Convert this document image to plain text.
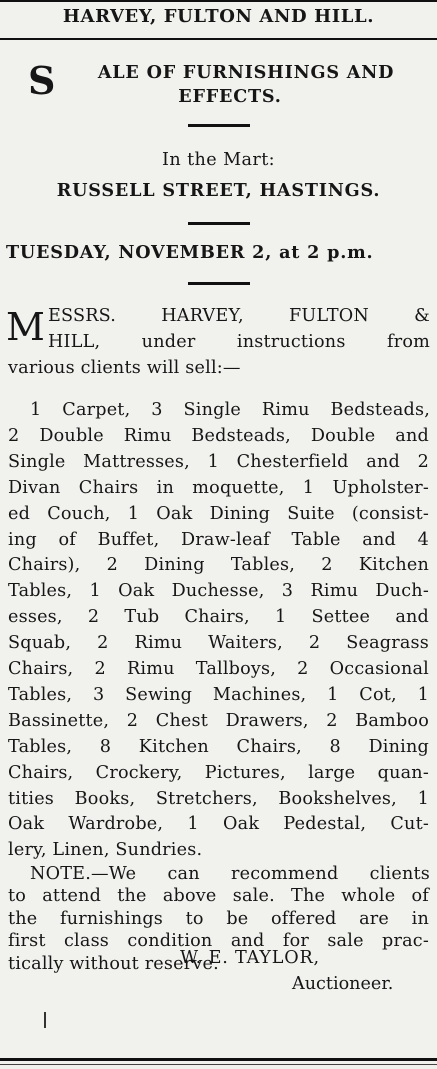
HARVEY, FULTON AND HILL.
S	ALE OF FURNISHINGS AND
EFFECTS.
In the Mart:
RUSSELL STREET, HASTINGS.
TUESDAY, NOVEMBER 2, at 2 p.m.
M ESSRS. HARVEY, FULTON &
HILL, under instructions from
various clients will sell:—
1 Carpet, 3 Single Rimu Bedsteads,
2 Double Rimu Bedsteads, Double and
Single Mattresses, 1 Chesterfield and 2
Divan Chairs in moquette, 1 Upholster-
ed Couch, 1 Oak Dining Suite (consist-
ing of Buffet, Draw-leaf Table and 4
Chairs), 2 Dining Tables, 2 Kitchen
Tables, 1 Oak Duchesse, 3 Rimu Duch-
esses, 2 Tub Chairs, 1 Settee and
Squab, 2 Rimu Waiters, 2 Seagrass
Chairs, 2 Rimu Tallboys, 2 Occasional
Tables, 3 Sewing Machines, 1 Cot, 1
Bassinette, 2 Chest Drawers, 2 Bamboo
Tables, 8 Kitchen Chairs, 8 Dining
Chairs, Crockery, Pictures, large quan-
tities Books, Stretchers, Bookshelves, 1
Oak Wardrobe, 1 Oak Pedestal, Cut-
lery, Linen, Sundries.
NOTE.—We can recommend clients
to attend the above sale. The whole of
the furnishings to be offered are in
first class condition and for sale prac-
tically without reserve.
W. E. TAYLOR,
Auctioneer.
